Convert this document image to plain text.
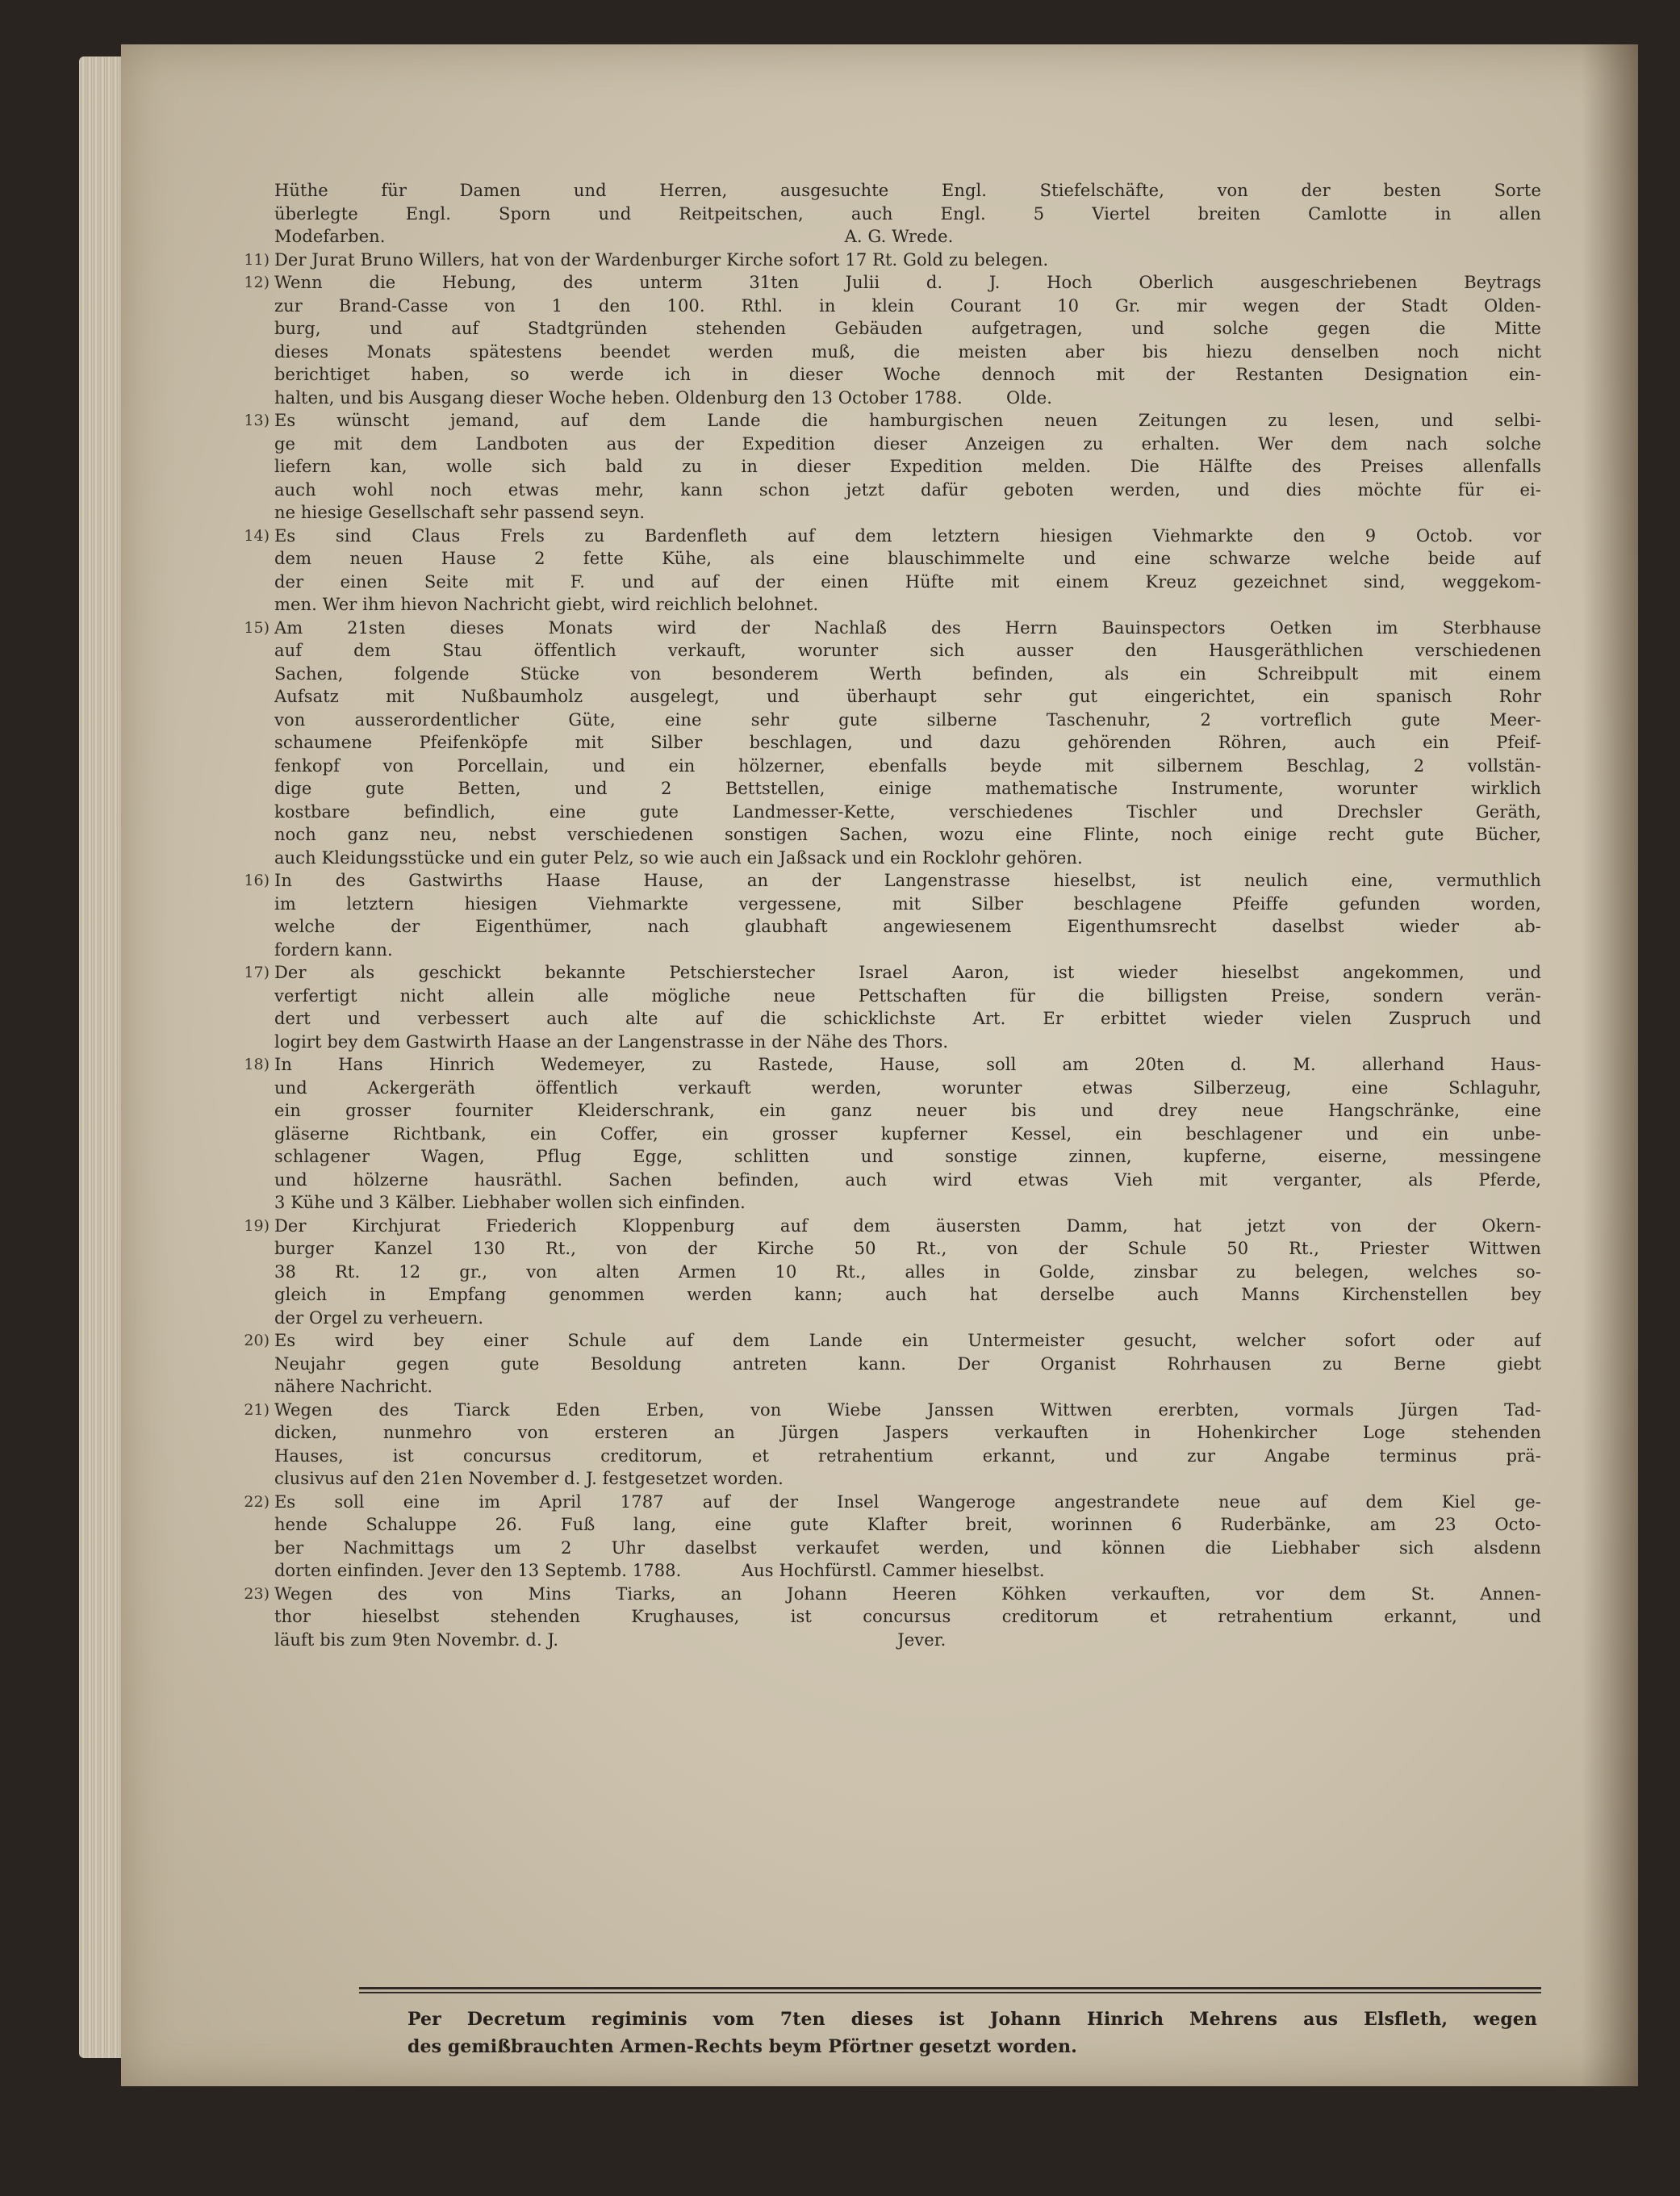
Hüthe für Damen und Herren, ausgesuchte Engl. Stiefelschäfte, von der besten Sorte
überlegte Engl. Sporn und Reitpeitschen, auch Engl. 5 Viertel breiten Camlotte in allen
Modefarben.                                                                                    A. G. Wrede.
11) Der Jurat Bruno Willers, hat von der Wardenburger Kirche sofort 17 Rt. Gold zu belegen.
12) Wenn die Hebung, des unterm 31ten Julii d. J. Hoch Oberlich ausgeschriebenen Beytrags
zur Brand-Casse von 1 den 100. Rthl. in klein Courant 10 Gr. mir wegen der Stadt Olden-
burg, und auf Stadtgründen stehenden Gebäuden aufgetragen, und solche gegen die Mitte
dieses Monats spätestens beendet werden muß, die meisten aber bis hiezu denselben noch nicht
berichtiget haben, so werde ich in dieser Woche dennoch mit der Restanten Designation ein-
halten, und bis Ausgang dieser Woche heben. Oldenburg den 13 October 1788.        Olde.
13) Es wünscht jemand, auf dem Lande die hamburgischen neuen Zeitungen zu lesen, und selbi-
ge mit dem Landboten aus der Expedition dieser Anzeigen zu erhalten. Wer dem nach solche
liefern kan, wolle sich bald zu in dieser Expedition melden. Die Hälfte des Preises allenfalls
auch wohl noch etwas mehr, kann schon jetzt dafür geboten werden, und dies möchte für ei-
ne hiesige Gesellschaft sehr passend seyn.
14) Es sind Claus Frels zu Bardenfleth auf dem letztern hiesigen Viehmarkte den 9 Octob. vor
dem neuen Hause 2 fette Kühe, als eine blauschimmelte und eine schwarze welche beide auf
der einen Seite mit F. und auf der einen Hüfte mit einem Kreuz gezeichnet sind, weggekom-
men. Wer ihm hievon Nachricht giebt, wird reichlich belohnet.
15) Am 21sten dieses Monats wird der Nachlaß des Herrn Bauinspectors Oetken im Sterbhause
auf dem Stau öffentlich verkauft, worunter sich ausser den Hausgeräthlichen verschiedenen
Sachen, folgende Stücke von besonderem Werth befinden, als ein Schreibpult mit einem
Aufsatz mit Nußbaumholz ausgelegt, und überhaupt sehr gut eingerichtet, ein spanisch Rohr
von ausserordentlicher Güte, eine sehr gute silberne Taschenuhr, 2 vortreflich gute Meer-
schaumene Pfeifenköpfe mit Silber beschlagen, und dazu gehörenden Röhren, auch ein Pfeif-
fenkopf von Porcellain, und ein hölzerner, ebenfalls beyde mit silbernem Beschlag, 2 vollstän-
dige gute Betten, und 2 Bettstellen, einige mathematische Instrumente, worunter wirklich
kostbare befindlich, eine gute Landmesser-Kette, verschiedenes Tischler und Drechsler Geräth,
noch ganz neu, nebst verschiedenen sonstigen Sachen, wozu eine Flinte, noch einige recht gute Bücher,
auch Kleidungsstücke und ein guter Pelz, so wie auch ein Jaßsack und ein Rocklohr gehören.
16) In des Gastwirths Haase Hause, an der Langenstrasse hieselbst, ist neulich eine, vermuthlich
im letztern hiesigen Viehmarkte vergessene, mit Silber beschlagene Pfeiffe gefunden worden,
welche der Eigenthümer, nach glaubhaft angewiesenem Eigenthumsrecht daselbst wieder ab-
fordern kann.
17) Der als geschickt bekannte Petschierstecher Israel Aaron, ist wieder hieselbst angekommen, und
verfertigt nicht allein alle mögliche neue Pettschaften für die billigsten Preise, sondern verän-
dert und verbessert auch alte auf die schicklichste Art. Er erbittet wieder vielen Zuspruch und
logirt bey dem Gastwirth Haase an der Langenstrasse in der Nähe des Thors.
18) In Hans Hinrich Wedemeyer, zu Rastede, Hause, soll am 20ten d. M. allerhand Haus-
und Ackergeräth öffentlich verkauft werden, worunter etwas Silberzeug, eine Schlaguhr,
ein grosser fourniter Kleiderschrank, ein ganz neuer bis und drey neue Hangschränke, eine
gläserne Richtbank, ein Coffer, ein grosser kupferner Kessel, ein beschlagener und ein unbe-
schlagener Wagen, Pflug Egge, schlitten und sonstige zinnen, kupferne, eiserne, messingene
und hölzerne hausräthl. Sachen befinden, auch wird etwas Vieh mit verganter, als Pferde,
3 Kühe und 3 Kälber. Liebhaber wollen sich einfinden.
19) Der Kirchjurat Friederich Kloppenburg auf dem äusersten Damm, hat jetzt von der Okern-
burger Kanzel 130 Rt., von der Kirche 50 Rt., von der Schule 50 Rt., Priester Wittwen
38 Rt. 12 gr., von alten Armen 10 Rt., alles in Golde, zinsbar zu belegen, welches so-
gleich in Empfang genommen werden kann; auch hat derselbe auch Manns Kirchenstellen bey
der Orgel zu verheuern.
20) Es wird bey einer Schule auf dem Lande ein Untermeister gesucht, welcher sofort oder auf
Neujahr gegen gute Besoldung antreten kann. Der Organist Rohrhausen zu Berne giebt
nähere Nachricht.
21) Wegen des Tiarck Eden Erben, von Wiebe Janssen Wittwen ererbten, vormals Jürgen Tad-
dicken, nunmehro von ersteren an Jürgen Jaspers verkauften in Hohenkircher Loge stehenden
Hauses, ist concursus creditorum, et retrahentium erkannt, und zur Angabe terminus prä-
clusivus auf den 21en November d. J. festgesetzet worden.
22) Es soll eine im April 1787 auf der Insel Wangeroge angestrandete neue auf dem Kiel ge-
hende Schaluppe 26. Fuß lang, eine gute Klafter breit, worinnen 6 Ruderbänke, am 23 Octo-
ber Nachmittags um 2 Uhr daselbst verkaufet werden, und können die Liebhaber sich alsdenn
dorten einfinden. Jever den 13 Septemb. 1788.           Aus Hochfürstl. Cammer hieselbst.
23) Wegen des von Mins Tiarks, an Johann Heeren Köhken verkauften, vor dem St. Annen-
thor hieselbst stehenden Krughauses, ist concursus creditorum et retrahentium erkannt, und
läuft bis zum 9ten Novembr. d. J.                                                              Jever.
Per Decretum regiminis vom 7ten dieses ist Johann Hinrich Mehrens aus Elsfleth, wegen
des gemißbrauchten Armen-Rechts beym Pförtner gesetzt worden.
